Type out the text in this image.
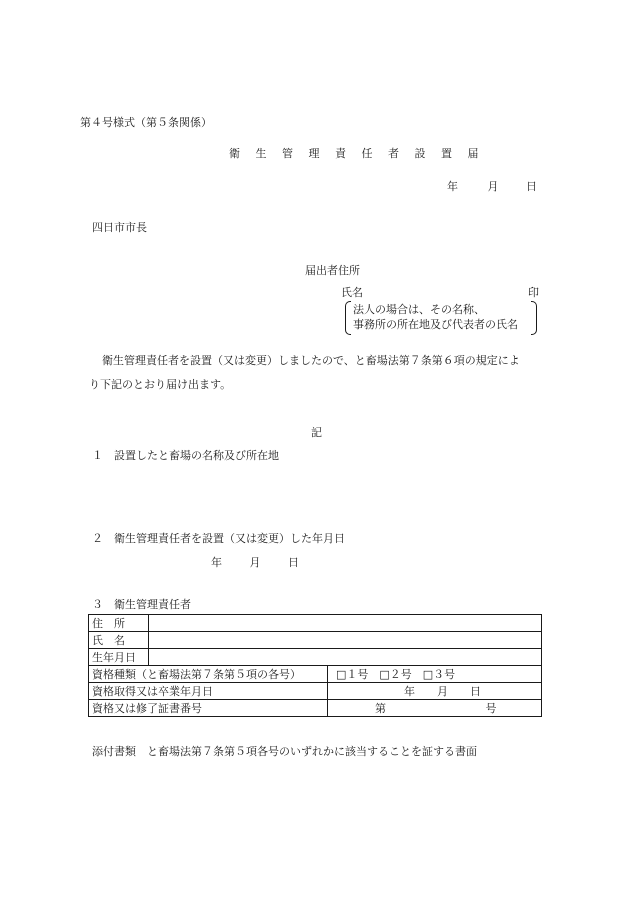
第４号様式（第５条関係）
衛 生 管 理 責 任 者 設 置 届
年	月	日
四日市市長
届出者住所
氏名	印
法人の場合は、その名称、
事務所の所在地及び代表者の氏名
衛生管理責任者を設置（又は変更）しましたので、と畜場法第７条第６項の規定によ
り下記のとおり届け出ます。
記
１　設置したと畜場の名称及び所在地
２　衛生管理責任者を設置（又は変更）した年月日
年	月	日
３　衛生管理責任者
住　所		
氏　名		
生年月日		
資格種類（と畜場法第７条第５項の各号）		□１号　□２号　□３号
資格取得又は卒業年月日		年　　月　　日
資格又は修了証書番号		第 号
添付書類　と畜場法第７条第５項各号のいずれかに該当することを証する書面
